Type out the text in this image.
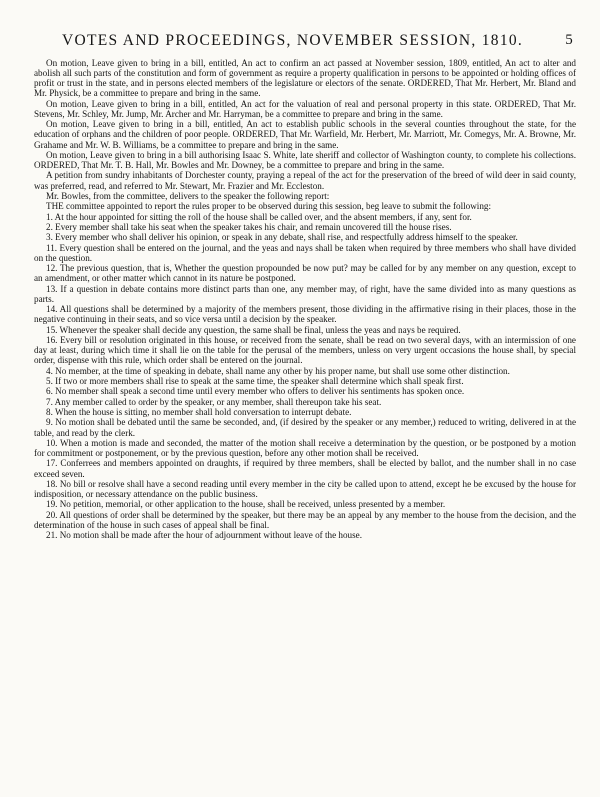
VOTES AND PROCEEDINGS, NOVEMBER SESSION, 1810.	5

On motion, Leave given to bring in a bill, entitled, An act to confirm an act passed at November session, 1809, entitled, An act to alter and abolish all such parts of the constitution and form of government as require a property qualification in persons to be appointed or holding offices of profit or trust in the state, and in persons elected members of the legislature or electors of the senate. ORDERED, That Mr. Herbert, Mr. Bland and Mr. Physick, be a committee to prepare and bring in the same.

On motion, Leave given to bring in a bill, entitled, An act for the valuation of real and personal property in this state. ORDERED, That Mr. Stevens, Mr. Schley, Mr. Jump, Mr. Archer and Mr. Harryman, be a committee to prepare and bring in the same.

On motion, Leave given to bring in a bill, entitled, An act to establish public schools in the several counties throughout the state, for the education of orphans and the children of poor people. ORDERED, That Mr. Warfield, Mr. Herbert, Mr. Marriott, Mr. Comegys, Mr. A. Browne, Mr. Grahame and Mr. W. B. Williams, be a committee to prepare and bring in the same.

On motion, Leave given to bring in a bill authorising Isaac S. White, late sheriff and collector of Washington county, to complete his collections. ORDERED, That Mr. T. B. Hall, Mr. Bowles and Mr. Downey, be a committee to prepare and bring in the same.

A petition from sundry inhabitants of Dorchester county, praying a repeal of the act for the preservation of the breed of wild deer in said county, was preferred, read, and referred to Mr. Stewart, Mr. Frazier and Mr. Eccleston.

Mr. Bowles, from the committee, delivers to the speaker the following report:

THE committee appointed to report the rules proper to be observed during this session, beg leave to submit the following:

1. At the hour appointed for sitting the roll of the house shall be called over, and the absent members, if any, sent for.

2. Every member shall take his seat when the speaker takes his chair, and remain uncovered till the house rises.

3. Every member who shall deliver his opinion, or speak in any debate, shall rise, and respectfully address himself to the speaker.

11. Every question shall be entered on the journal, and the yeas and nays shall be taken when required by three members who shall have divided on the question.

12. The previous question, that is, Whether the question propounded be now put? may be called for by any member on any question, except to an amendment, or other matter which cannot in its nature be postponed.

13. If a question in debate contains more distinct parts than one, any member may, of right, have the same divided into as many questions as parts.

14. All questions shall be determined by a majority of the members present, those dividing in the affirmative rising in their places, those in the negative continuing in their seats, and so vice versa until a decision by the speaker.

15. Whenever the speaker shall decide any question, the same shall be final, unless the yeas and nays be required.

16. Every bill or resolution originated in this house, or received from the senate, shall be read on two several days, with an intermission of one day at least, during which time it shall lie on the table for the perusal of the members, unless on very urgent occasions the house shall, by special order, dispense with this rule, which order shall be entered on the journal.

4. No member, at the time of speaking in debate, shall name any other by his proper name, but shall use some other distinction.

5. If two or more members shall rise to speak at the same time, the speaker shall determine which shall speak first.

6. No member shall speak a second time until every member who offers to deliver his sentiments has spoken once.

7. Any member called to order by the speaker, or any member, shall thereupon take his seat.

8. When the house is sitting, no member shall hold conversation to interrupt debate.

9. No motion shall be debated until the same be seconded, and, (if desired by the speaker or any member,) reduced to writing, delivered in at the table, and read by the clerk.

10. When a motion is made and seconded, the matter of the motion shall receive a determination by the question, or be postponed by a motion for commitment or postponement, or by the previous question, before any other motion shall be received.

17. Conferrees and members appointed on draughts, if required by three members, shall be elected by ballot, and the number shall in no case exceed seven.

18. No bill or resolve shall have a second reading until every member in the city be called upon to attend, except he be excused by the house for indisposition, or necessary attendance on the public business.

19. No petition, memorial, or other application to the house, shall be received, unless presented by a member.

20. All questions of order shall be determined by the speaker, but there may be an appeal by any member to the house from the decision, and the determination of the house in such cases of appeal shall be final.

21. No motion shall be made after the hour of adjournment without leave of the house.
